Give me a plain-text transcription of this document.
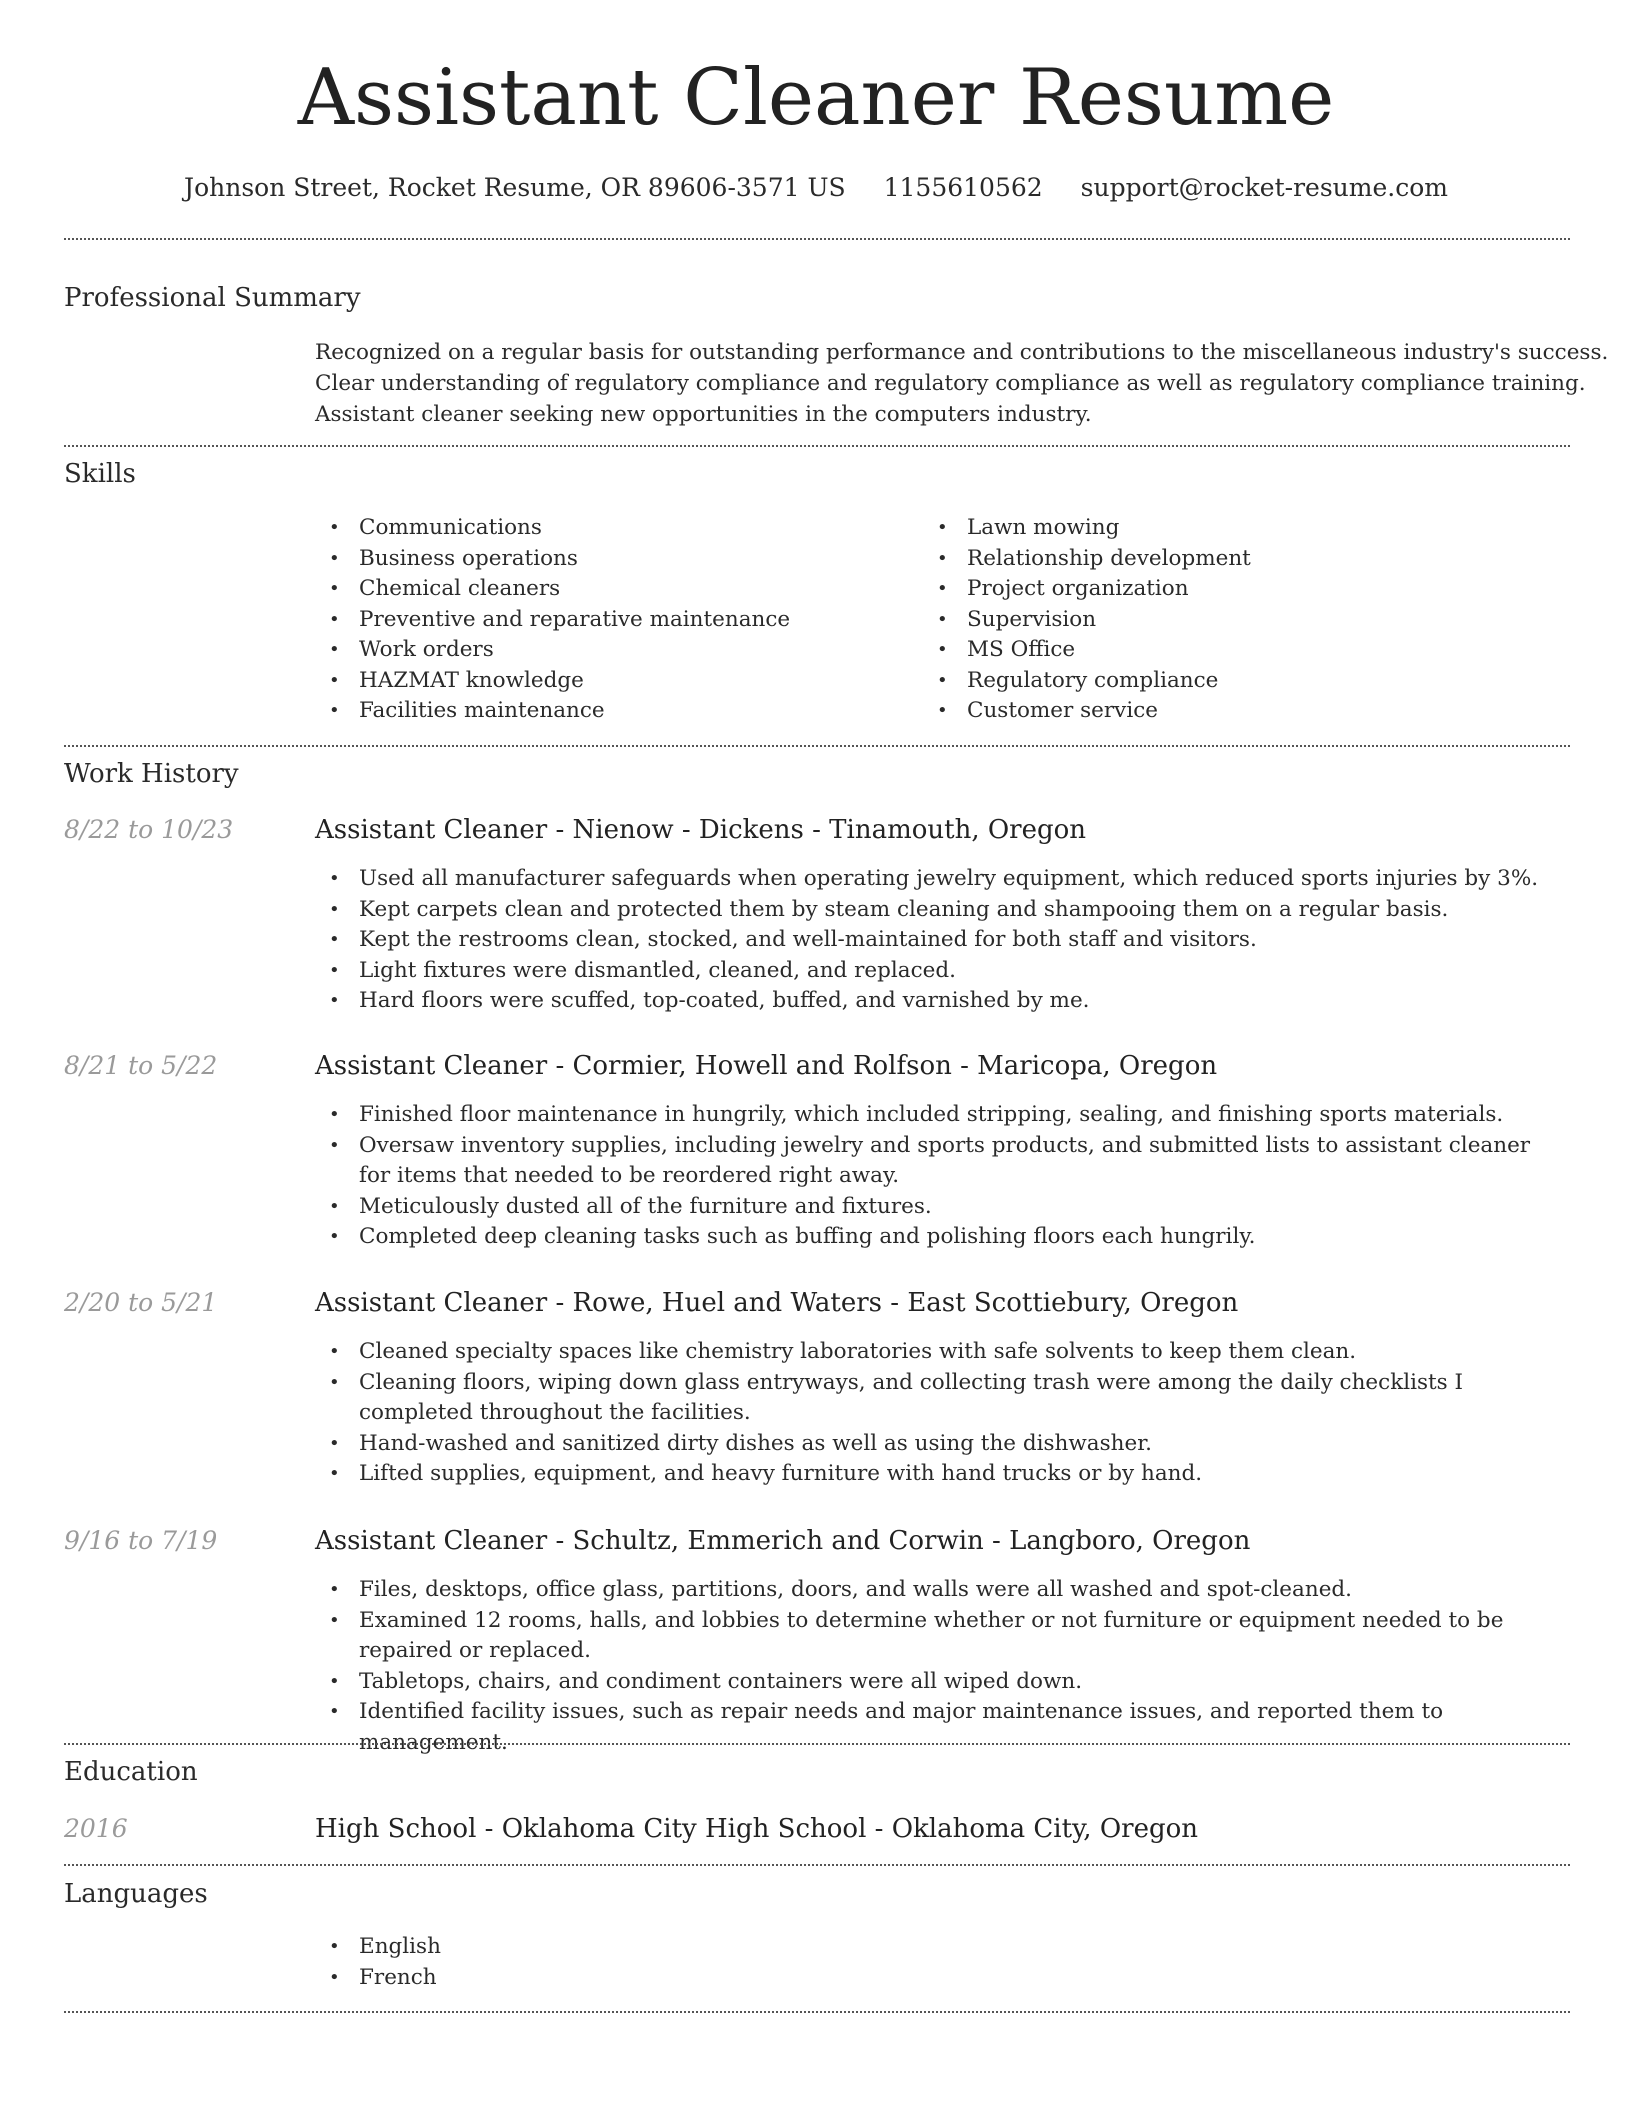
Assistant Cleaner Resume
Johnson Street, Rocket Resume, OR 89606-3571 US 1155610562 support@rocket-resume.com
Professional Summary
Recognized on a regular basis for outstanding performance and contributions to the miscellaneous industry's success.
Clear understanding of regulatory compliance and regulatory compliance as well as regulatory compliance training.
Assistant cleaner seeking new opportunities in the computers industry.
Skills
• Communications
• Business operations
• Chemical cleaners
• Preventive and reparative maintenance
• Work orders
• HAZMAT knowledge
• Facilities maintenance
• Lawn mowing
• Relationship development
• Project organization
• Supervision
• MS Office
• Regulatory compliance
• Customer service
Work History
8/22 to 10/23	Assistant Cleaner - Nienow - Dickens - Tinamouth, Oregon
• Used all manufacturer safeguards when operating jewelry equipment, which reduced sports injuries by 3%.
• Kept carpets clean and protected them by steam cleaning and shampooing them on a regular basis.
• Kept the restrooms clean, stocked, and well-maintained for both staff and visitors.
• Light fixtures were dismantled, cleaned, and replaced.
• Hard floors were scuffed, top-coated, buffed, and varnished by me.
8/21 to 5/22	Assistant Cleaner - Cormier, Howell and Rolfson - Maricopa, Oregon
• Finished floor maintenance in hungrily, which included stripping, sealing, and finishing sports materials.
• Oversaw inventory supplies, including jewelry and sports products, and submitted lists to assistant cleaner for items that needed to be reordered right away.
• Meticulously dusted all of the furniture and fixtures.
• Completed deep cleaning tasks such as buffing and polishing floors each hungrily.
2/20 to 5/21	Assistant Cleaner - Rowe, Huel and Waters - East Scottiebury, Oregon
• Cleaned specialty spaces like chemistry laboratories with safe solvents to keep them clean.
• Cleaning floors, wiping down glass entryways, and collecting trash were among the daily checklists I completed throughout the facilities.
• Hand-washed and sanitized dirty dishes as well as using the dishwasher.
• Lifted supplies, equipment, and heavy furniture with hand trucks or by hand.
9/16 to 7/19	Assistant Cleaner - Schultz, Emmerich and Corwin - Langboro, Oregon
• Files, desktops, office glass, partitions, doors, and walls were all washed and spot-cleaned.
• Examined 12 rooms, halls, and lobbies to determine whether or not furniture or equipment needed to be repaired or replaced.
• Tabletops, chairs, and condiment containers were all wiped down.
• Identified facility issues, such as repair needs and major maintenance issues, and reported them to management.
Education
2016	High School - Oklahoma City High School - Oklahoma City, Oregon
Languages
• English
• French
